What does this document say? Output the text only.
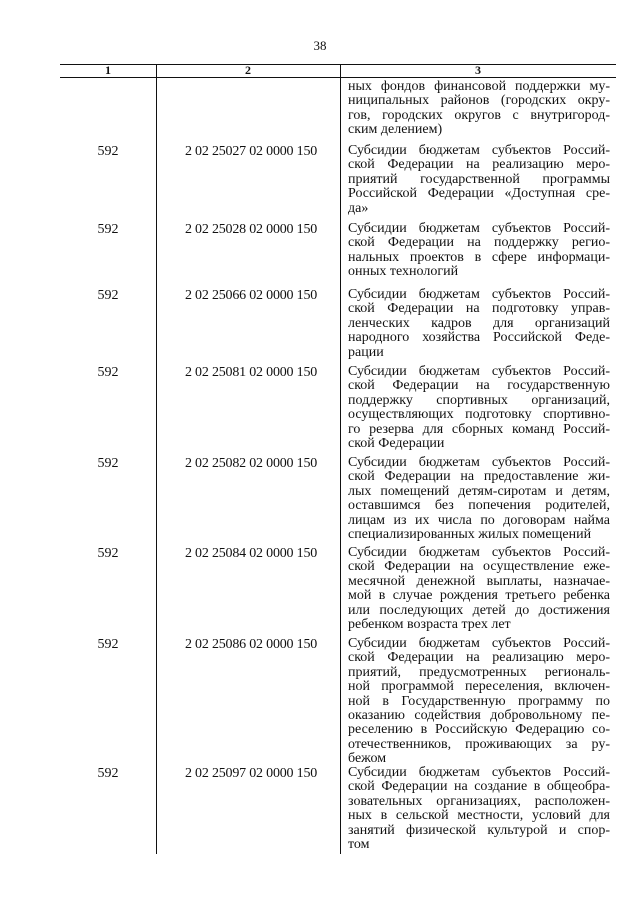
38
1	2	3
ных фондов финансовой поддержки му-
ниципальных районов (городских окру-
гов, городских округов с внутригород-
ским делением)
592	2 02 25027 02 0000 150	Субсидии бюджетам субъектов Россий-
ской Федерации на реализацию меро-
приятий государственной программы
Российской Федерации «Доступная сре-
да»
592	2 02 25028 02 0000 150	Субсидии бюджетам субъектов Россий-
ской Федерации на поддержку регио-
нальных проектов в сфере информаци-
онных технологий
592	2 02 25066 02 0000 150	Субсидии бюджетам субъектов Россий-
ской Федерации на подготовку управ-
ленческих кадров для организаций
народного хозяйства Российской Феде-
рации
592	2 02 25081 02 0000 150	Субсидии бюджетам субъектов Россий-
ской Федерации на государственную
поддержку спортивных организаций,
осуществляющих подготовку спортивно-
го резерва для сборных команд Россий-
ской Федерации
592	2 02 25082 02 0000 150	Субсидии бюджетам субъектов Россий-
ской Федерации на предоставление жи-
лых помещений детям-сиротам и детям,
оставшимся без попечения родителей,
лицам из их числа по договорам найма
специализированных жилых помещений
592	2 02 25084 02 0000 150	Субсидии бюджетам субъектов Россий-
ской Федерации на осуществление еже-
месячной денежной выплаты, назначае-
мой в случае рождения третьего ребенка
или последующих детей до достижения
ребенком возраста трех лет
592	2 02 25086 02 0000 150	Субсидии бюджетам субъектов Россий-
ской Федерации на реализацию меро-
приятий, предусмотренных региональ-
ной программой переселения, включен-
ной в Государственную программу по
оказанию содействия добровольному пе-
реселению в Российскую Федерацию со-
отечественников, проживающих за ру-
бежом
592	2 02 25097 02 0000 150	Субсидии бюджетам субъектов Россий-
ской Федерации на создание в общеобра-
зовательных организациях, расположен-
ных в сельской местности, условий для
занятий физической культурой и спор-
том
